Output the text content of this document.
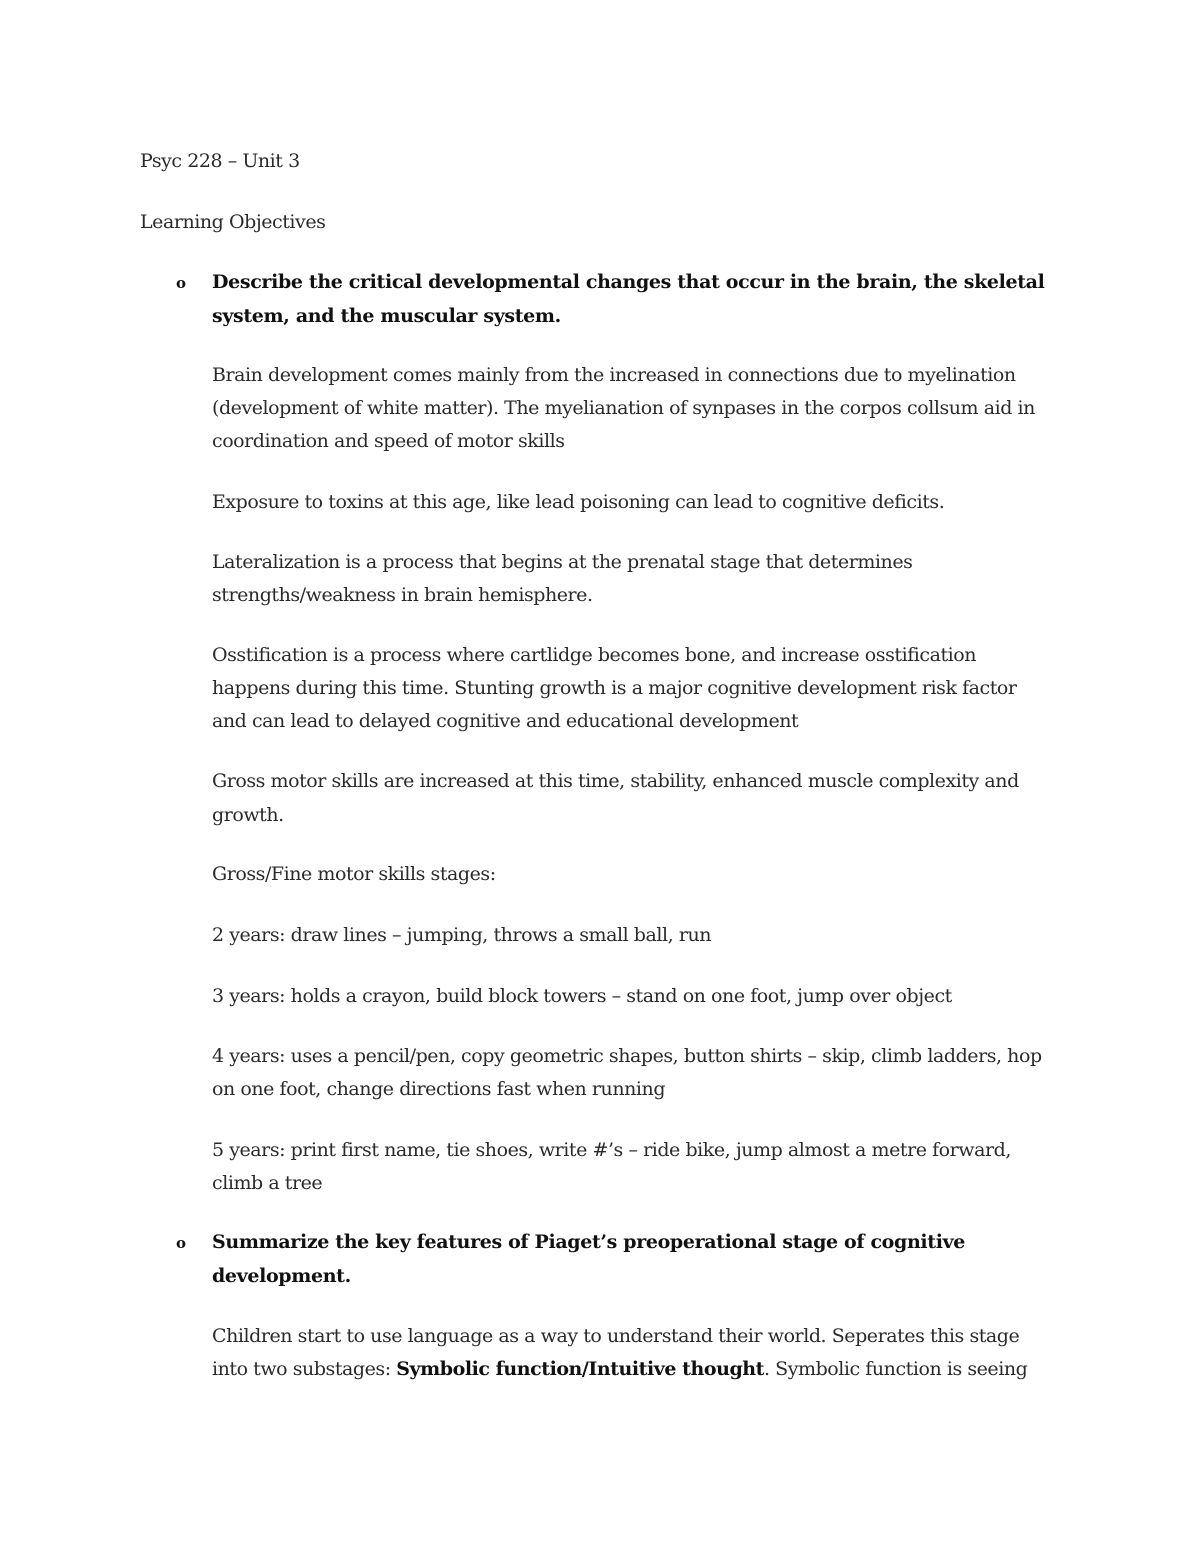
Psyc 228 – Unit 3
Learning Objectives
o Describe the critical developmental changes that occur in the brain, the skeletal
system, and the muscular system.
Brain development comes mainly from the increased in connections due to myelination
(development of white matter). The myelianation of synpases in the corpos collsum aid in
coordination and speed of motor skills
Exposure to toxins at this age, like lead poisoning can lead to cognitive deficits.
Lateralization is a process that begins at the prenatal stage that determines
strengths/weakness in brain hemisphere.
Osstification is a process where cartlidge becomes bone, and increase osstification
happens during this time. Stunting growth is a major cognitive development risk factor
and can lead to delayed cognitive and educational development
Gross motor skills are increased at this time, stability, enhanced muscle complexity and
growth.
Gross/Fine motor skills stages:
2 years: draw lines – jumping, throws a small ball, run
3 years: holds a crayon, build block towers – stand on one foot, jump over object
4 years: uses a pencil/pen, copy geometric shapes, button shirts – skip, climb ladders, hop
on one foot, change directions fast when running
5 years: print first name, tie shoes, write #’s – ride bike, jump almost a metre forward,
climb a tree
o Summarize the key features of Piaget’s preoperational stage of cognitive
development.
Children start to use language as a way to understand their world. Seperates this stage
into two substages: Symbolic function/Intuitive thought. Symbolic function is seeing
